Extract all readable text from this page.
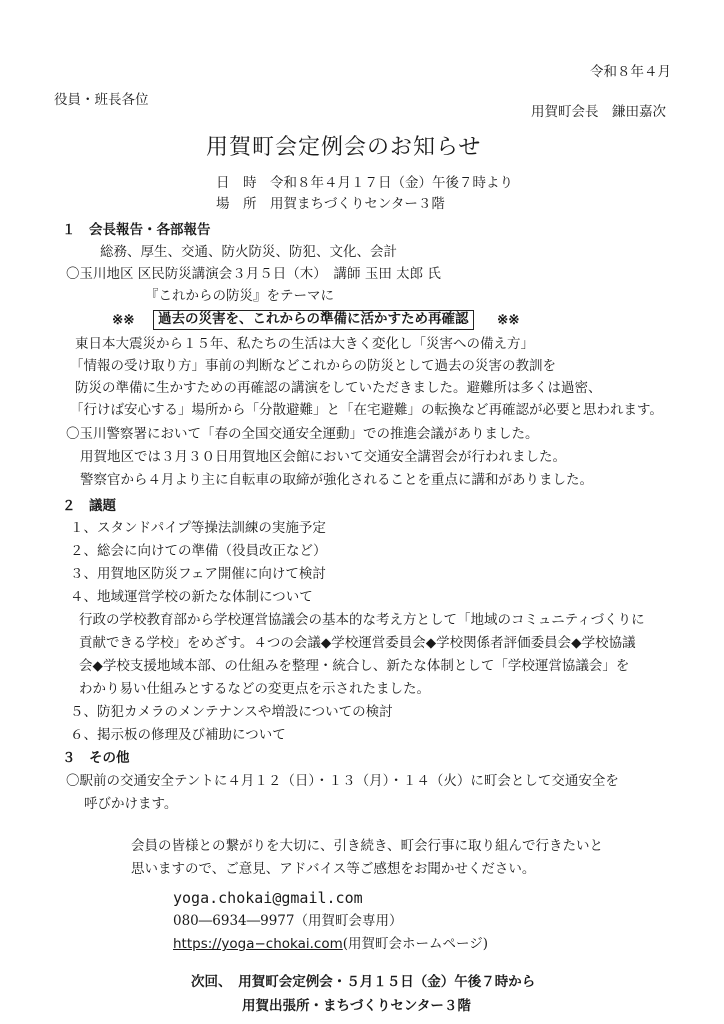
令和８年４月
役員・班長各位
用賀町会長　鎌田嘉次
用賀町会定例会のお知らせ
日　時　 令和８年４月１７日（金）午後７時より
場　所　 用賀まちづくりセンター３階
１　会長報告・各部報告
総務、厚生、交通、防火防災、防犯、文化、会計
〇玉川地区 区民防災講演会３月５日（木）　講師 玉田 太郎 氏
『これからの防災』をテーマに
※※	過去の災害を、これからの準備に活かすため再確認	※※
東日本大震災から１５年、私たちの生活は大きく変化し「災害への備え方」
「情報の受け取り方」事前の判断などこれからの防災として過去の災害の教訓を
防災の準備に生かすための再確認の講演をしていただきました。避難所は多くは過密、
「行けば安心する」場所から「分散避難」と「在宅避難」の転換など再確認が必要と思われます。
〇玉川警察署において「春の全国交通安全運動」での推進会議がありました。
用賀地区では３月３０日用賀地区会館において交通安全講習会が行われました。
警察官から４月より主に自転車の取締が強化されることを重点に講和がありました。
２　議題
１、スタンドパイプ等操法訓練の実施予定
２、総会に向けての準備（役員改正など）
３、用賀地区防災フェア開催に向けて検討
４、地域運営学校の新たな体制について
行政の学校教育部から学校運営協議会の基本的な考え方として「地域のコミュニティづくりに
貢献できる学校」をめざす。４つの会議◆学校運営委員会◆学校関係者評価委員会◆学校協議
会◆学校支援地域本部、の仕組みを整理・統合し、新たな体制として「学校運営協議会」を
わかり易い仕組みとするなどの変更点を示されたました。
５、防犯カメラのメンテナンスや増設についての検討
６、掲示板の修理及び補助について
３　その他
〇駅前の交通安全テントに４月１２（日）・１３（月）・１４（火）に町会として交通安全を
呼びかけます。
会員の皆様との繋がりを大切に、引き続き、町会行事に取り組んで行きたいと
思いますので、ご意見、アドバイス等ご感想をお聞かせください。
yoga.chokai@gmail.com
080―6934―9977（用賀町会専用）
https://yoga−chokai.com(用賀町会ホームページ)
次回、　用賀町会定例会・５月１５日（金）午後７時から
用賀出張所・まちづくりセンター３階
